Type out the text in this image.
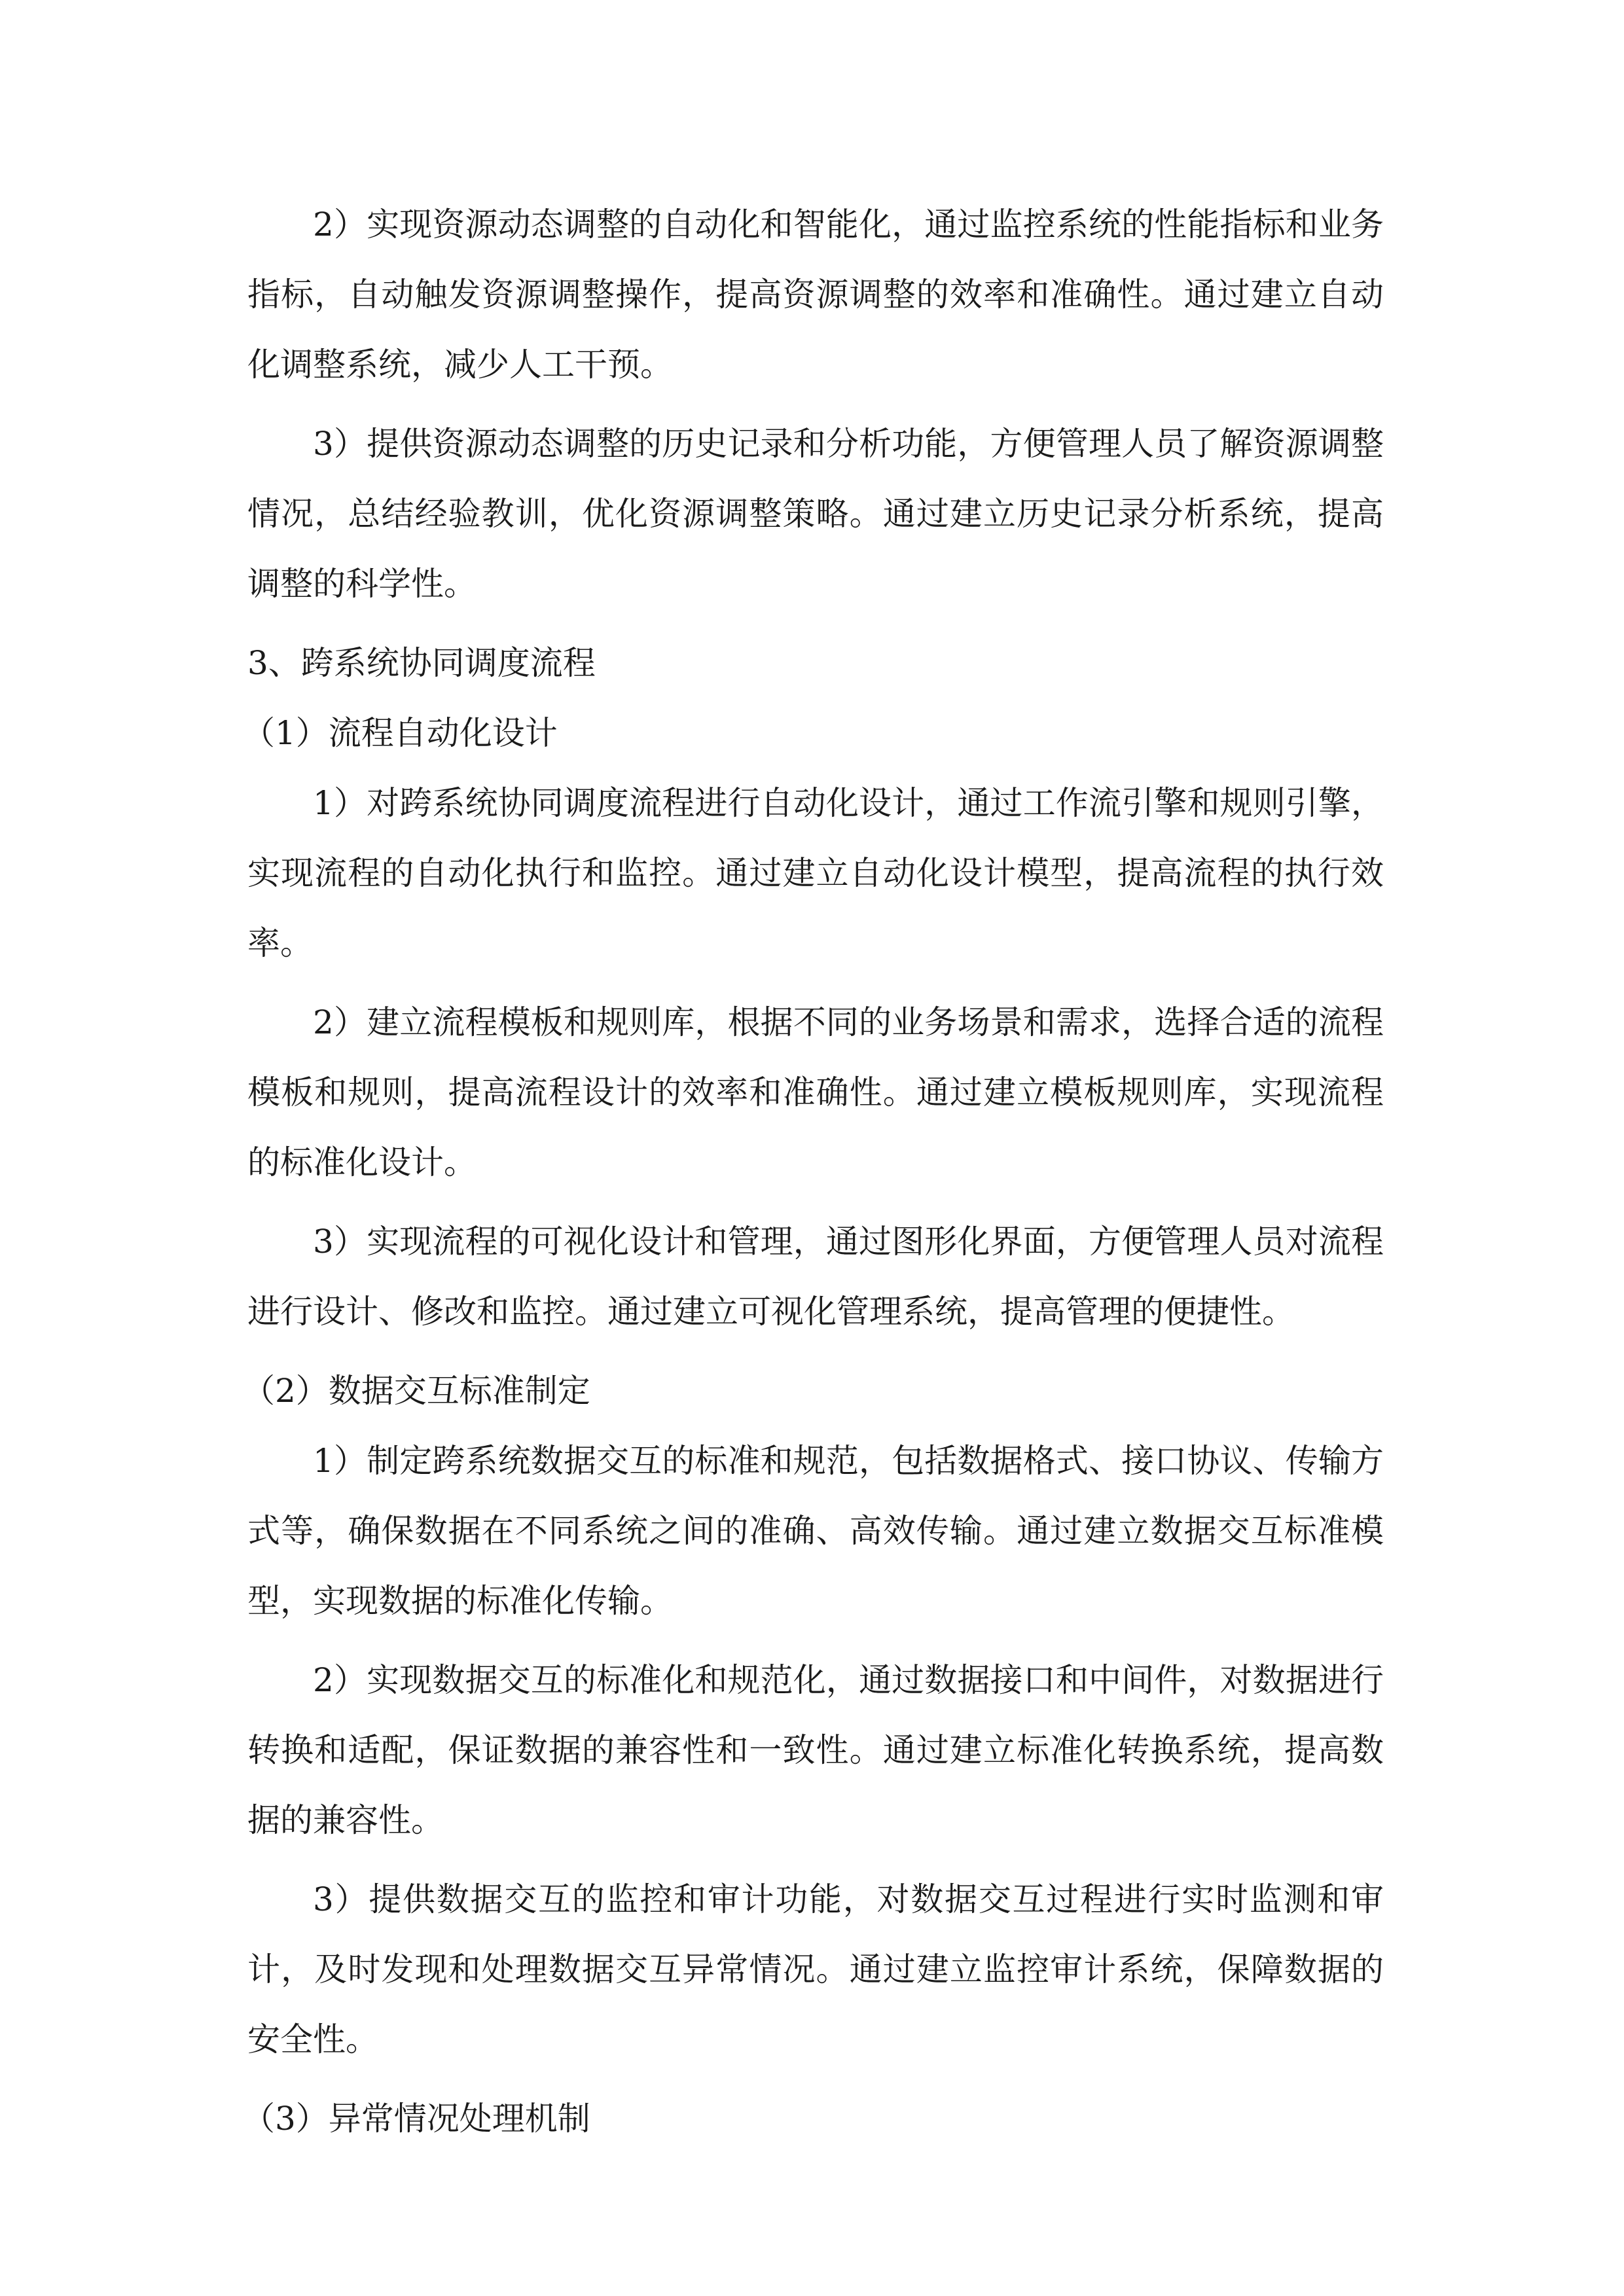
2）实现资源动态调整的自动化和智能化，通过监控系统的性能指标和业务指标，自动触发资源调整操作，提高资源调整的效率和准确性。通过建立自动化调整系统，减少人工干预。

3）提供资源动态调整的历史记录和分析功能，方便管理人员了解资源调整情况，总结经验教训，优化资源调整策略。通过建立历史记录分析系统，提高调整的科学性。

3、跨系统协同调度流程

（1）流程自动化设计

1）对跨系统协同调度流程进行自动化设计，通过工作流引擎和规则引擎，实现流程的自动化执行和监控。通过建立自动化设计模型，提高流程的执行效率。

2）建立流程模板和规则库，根据不同的业务场景和需求，选择合适的流程模板和规则，提高流程设计的效率和准确性。通过建立模板规则库，实现流程的标准化设计。

3）实现流程的可视化设计和管理，通过图形化界面，方便管理人员对流程进行设计、修改和监控。通过建立可视化管理系统，提高管理的便捷性。

（2）数据交互标准制定

1）制定跨系统数据交互的标准和规范，包括数据格式、接口协议、传输方式等，确保数据在不同系统之间的准确、高效传输。通过建立数据交互标准模型，实现数据的标准化传输。

2）实现数据交互的标准化和规范化，通过数据接口和中间件，对数据进行转换和适配，保证数据的兼容性和一致性。通过建立标准化转换系统，提高数据的兼容性。

3）提供数据交互的监控和审计功能，对数据交互过程进行实时监测和审计，及时发现和处理数据交互异常情况。通过建立监控审计系统，保障数据的安全性。

（3）异常情况处理机制
